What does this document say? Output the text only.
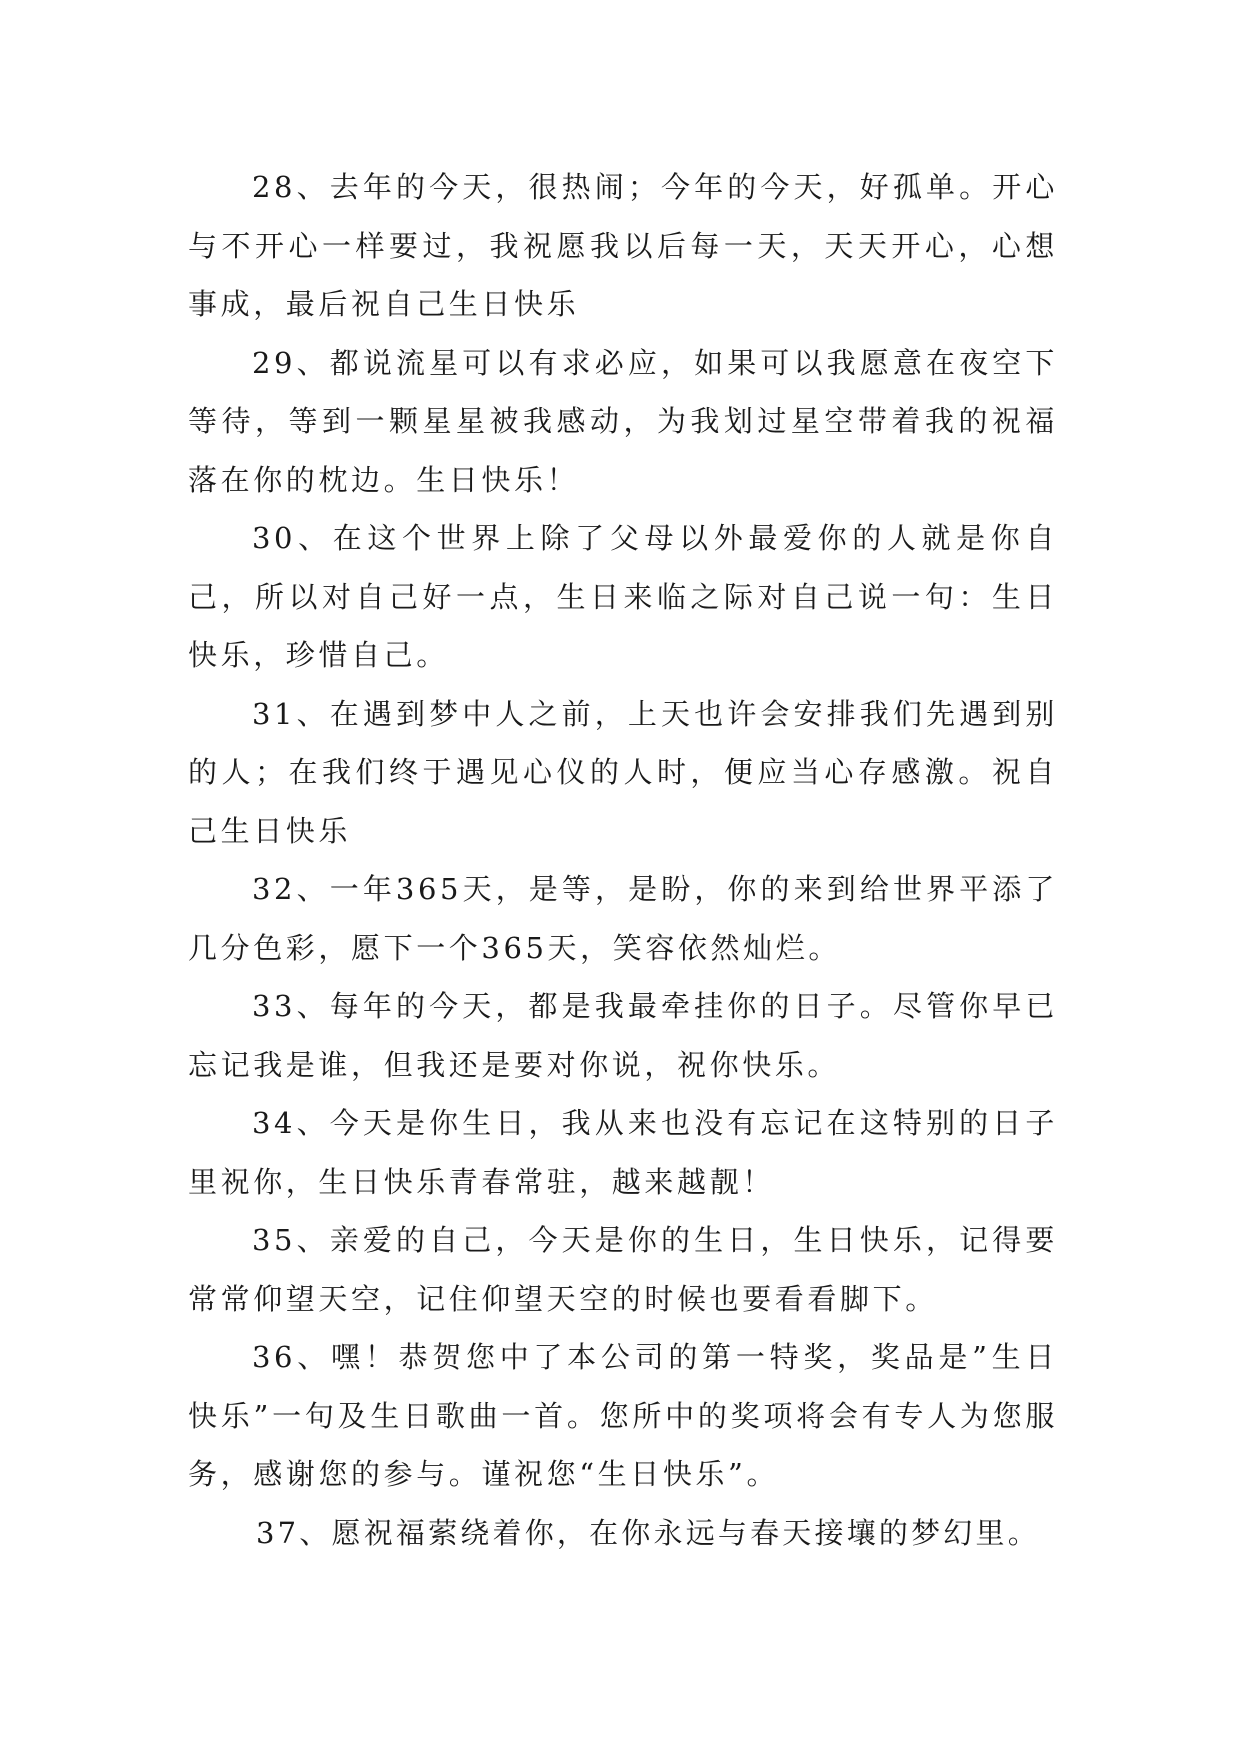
28、去年的今天，很热闹；今年的今天，好孤单。开心与不开心一样要过，我祝愿我以后每一天，天天开心，心想事成，最后祝自己生日快乐

29、都说流星可以有求必应，如果可以我愿意在夜空下等待，等到一颗星星被我感动，为我划过星空带着我的祝福落在你的枕边。生日快乐！

30、在这个世界上除了父母以外最爱你的人就是你自己，所以对自己好一点，生日来临之际对自己说一句：生日快乐，珍惜自己。

31、在遇到梦中人之前，上天也许会安排我们先遇到别的人；在我们终于遇见心仪的人时，便应当心存感激。祝自己生日快乐

32、一年365天，是等，是盼，你的来到给世界平添了几分色彩，愿下一个365天，笑容依然灿烂。

33、每年的今天，都是我最牵挂你的日子。尽管你早已忘记我是谁，但我还是要对你说，祝你快乐。

34、今天是你生日，我从来也没有忘记在这特别的日子里祝你，生日快乐青春常驻，越来越靓！

35、亲爱的自己，今天是你的生日，生日快乐，记得要常常仰望天空，记住仰望天空的时候也要看看脚下。

36、嘿！恭贺您中了本公司的第一特奖，奖品是”生日快乐”一句及生日歌曲一首。您所中的奖项将会有专人为您服务，感谢您的参与。谨祝您“生日快乐”。

37、愿祝福萦绕着你，在你永远与春天接壤的梦幻里。
